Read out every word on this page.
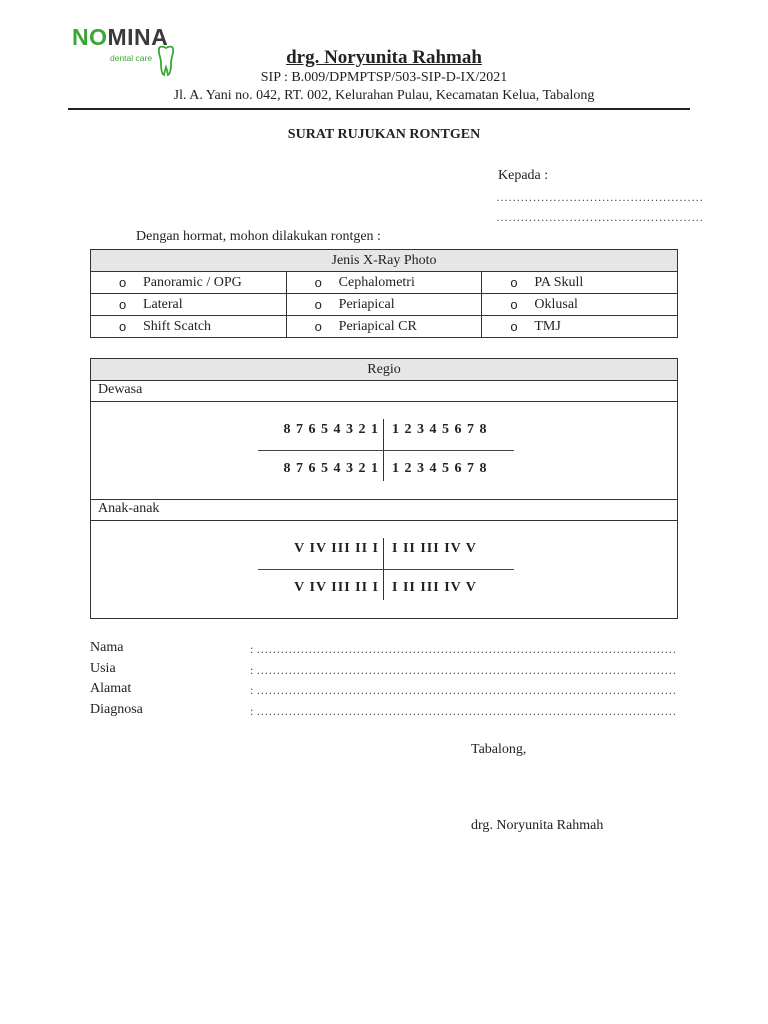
NOMINA
dental care	drg. Noryunita Rahmah
SIP : B.009/DPMPTSP/503-SIP-D-IX/2021
Jl. A. Yani no. 042, RT. 002, Kelurahan Pulau, Kecamatan Kelua, Tabalong
SURAT RUJUKAN RONTGEN
Kepada :
……………………………………………
……………………………………………
Dengan hormat, mohon dilakukan rontgen :
Jenis X-Ray Photo		

o Panoramic / OPG	o Cephalometri	o PA Skull

o Lateral	o Periapical	o Oklusal

o Shift Scatch	o Periapical CR	o TMJ
Regio
Dewasa
8 7 6 5 4 3 2 1 1 2 3 4 5 6 7 8
8 7 6 5 4 3 2 1 1 2 3 4 5 6 7 8
Anak-anak
V IV III II I I II III IV V
V IV III II I I II III IV V
Nama	: ……………………………………………………………………………………………
Usia	: ……………………………………………………………………………………………
Alamat	: ……………………………………………………………………………………………
Diagnosa	: ……………………………………………………………………………………………
Tabalong,
drg. Noryunita Rahmah
